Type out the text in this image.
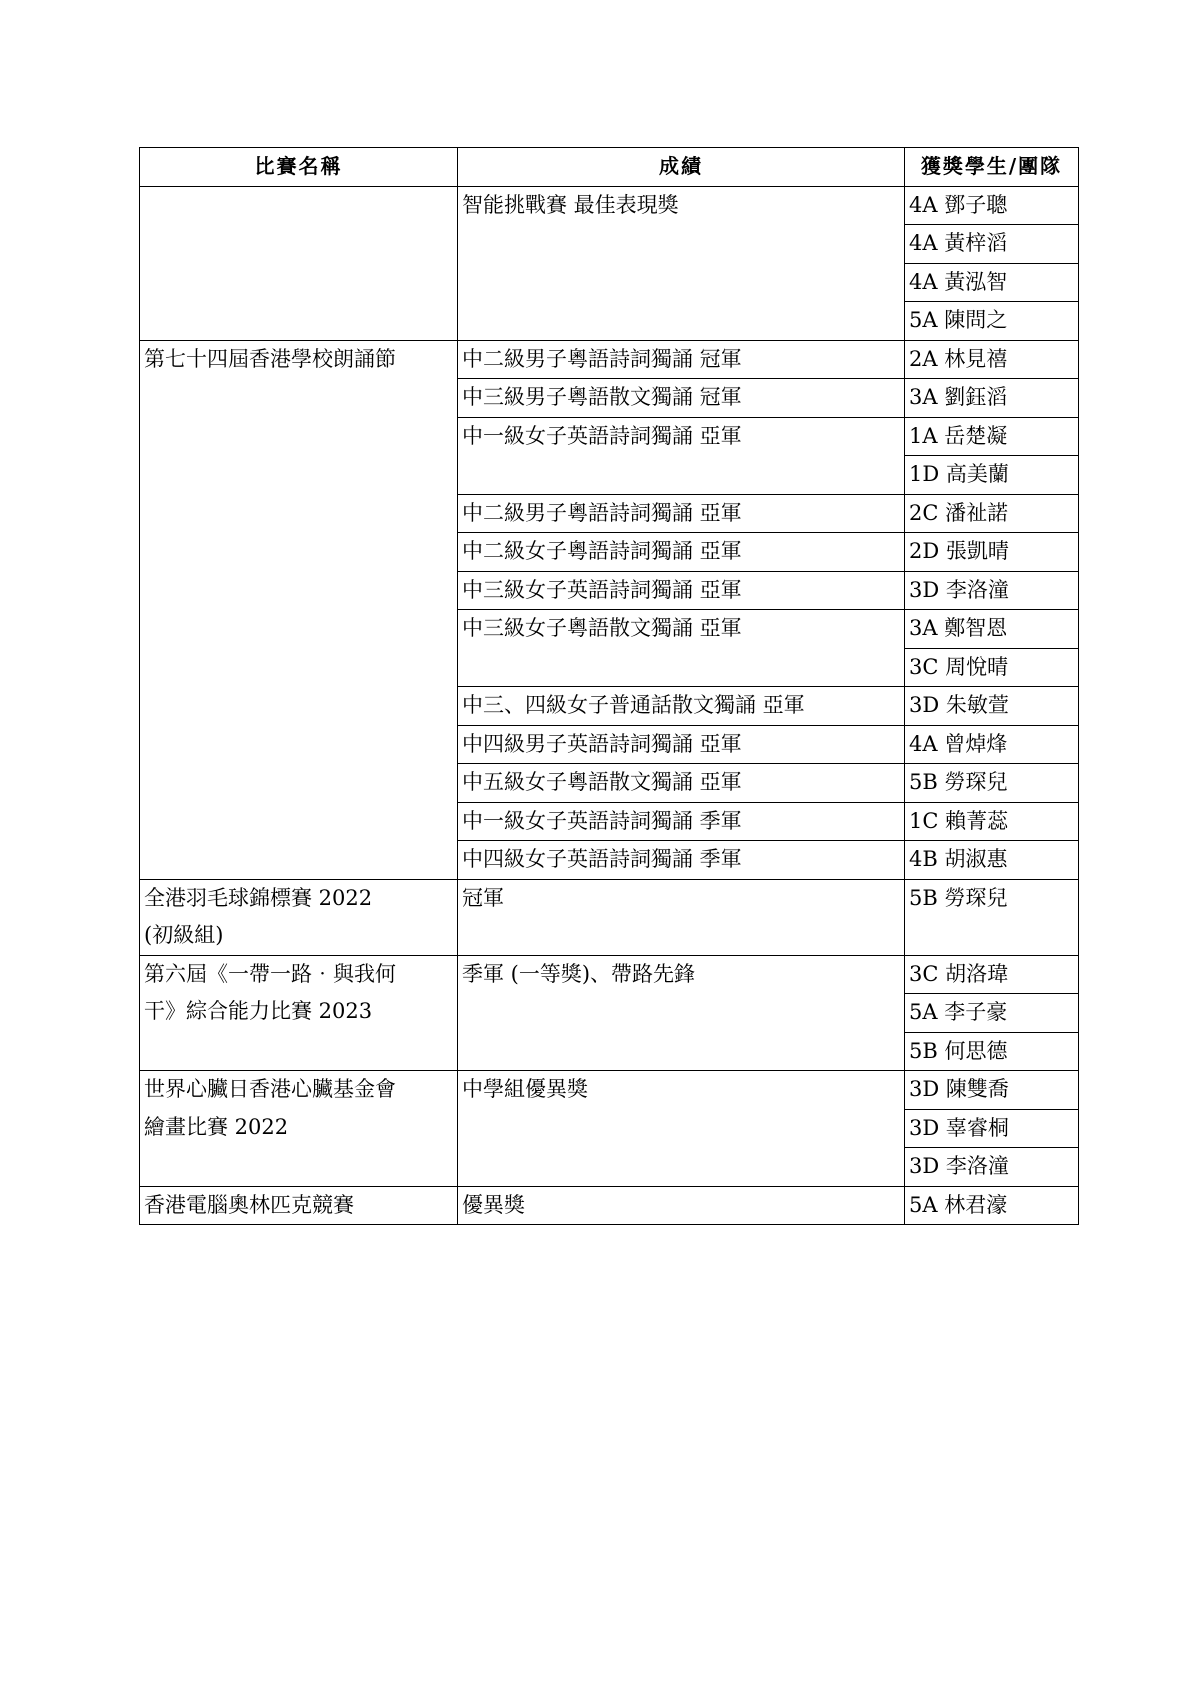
比賽名稱	成績	獲獎學生/團隊
	智能挑戰賽 最佳表現獎	4A 鄧子聰
		4A 黃梓滔
		4A 黃泓智
		5A 陳問之

第七十四屆香港學校朗誦節	中二級男子粵語詩詞獨誦 冠軍	2A 林見禧
	中三級男子粵語散文獨誦 冠軍	3A 劉鈺滔
	中一級女子英語詩詞獨誦 亞軍	1A 岳楚凝
		1D 高美蘭
	中二級男子粵語詩詞獨誦 亞軍	2C 潘祉諾
	中二級女子粵語詩詞獨誦 亞軍	2D 張凱晴
	中三級女子英語詩詞獨誦 亞軍	3D 李洛潼
	中三級女子粵語散文獨誦 亞軍	3A 鄭智恩
		3C 周悅晴
	中三、四級女子普通話散文獨誦 亞軍	3D 朱敏萱
	中四級男子英語詩詞獨誦 亞軍	4A 曾焯烽
	中五級女子粵語散文獨誦 亞軍	5B 勞琛兒
	中一級女子英語詩詞獨誦 季軍	1C 賴菁蕊
	中四級女子英語詩詞獨誦 季軍	4B 胡淑惠

全港羽毛球錦標賽 2022
(初級組)	冠軍	5B 勞琛兒

第六屆《一帶一路‧與我何
干》綜合能力比賽 2023	季軍 (一等獎)、帶路先鋒	3C 胡洛瑋
		5A 李子豪
		5B 何思德

世界心臟日香港心臟基金會
繪畫比賽 2022	中學組優異獎	3D 陳雙喬
		3D 辜睿桐
		3D 李洛潼

香港電腦奧林匹克競賽	優異獎	5A 林君濠
